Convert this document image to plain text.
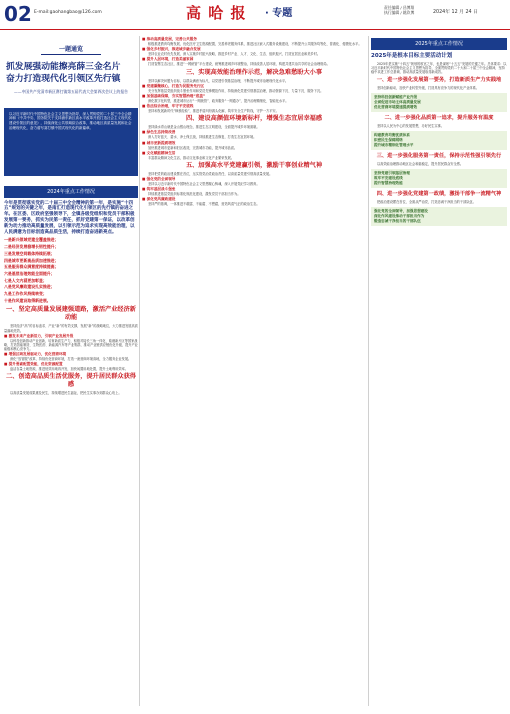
02 E-mail:gaohangbao@126.com	高 哈 报 · 专题
责任编辑 / 昌博翔
执行编辑 / 姚玖博	2024年 12 月 24 日
一题通览
抓发展强动能擦亮薛三金名片
奋力打造现代化引领区先行镇
——中国共产党清市新区赛打镇第五届代表大会第四次会议上的报告
以习近平新时代中国特色社会主义思想为指导，深入贯彻党的二十届三中全会精神和《中共中央、国务院关于支持浦东新区高水平改革开放打造社会主义现代化建设引领区的意见》，持续深化公共领域綜合改革，推动地区高质量发展和社会治理现代化，奋力谱写赛打镇中国式现代化的新篇章。
2024年重点工作情况
今年是贯彻落实党的二十届三中全会精神的第一年，是实施“十四五”规划的关键之年，是南汇打造现代化引领区的先行镇的奋进之年。在区委、区政府坚强领导下，全镇各级党组织和党员干部积极发展第一要务，抓实为民第一责任，抓好党建第一保证，以改革创新为动力推动高质量发展，以引领示范为追求实现高效能治理，以人民满意为目标创造高品质生活，持续打造奋进新亮点。
一是新兴领域党建全覆盖推进；
二是经济发展稳增长韧性提升；
三是发展空间载体持续拓展；
四是城市更新高品质加速推进；
五是服务群众满意度持续提高；
六是基层治理效能全面提升；
七是人文内涵更加彰显；
八是党风廉政建设扎实推进；
九是工作作风持续转变；
十是作风建设取得新进展。
一、坚定高质量发展建强道路，激活产业经济新动能
坚持经济“高”的目标追求、产业“新”的有效支撑，发展“新”的战略地位，大力推进发展高质量落地见效。
■ 激发未来产业新活力，引领产业发展升级
以科技创新推动产业创新，培育新质生产力，积极对接长三角一体化、临港新片区等国家战略，打造智能制造、生物医药、新能源汽车等产业集群，推动产业链供应链优化升级，提升产业能级和核心竞争力。
■ 增强区域发展驱动力，优化营商环境
深化“放管服”改革，持续优化营商环境，打造一流营商环境高地，全力服务企业发展。
■ 提升要素配置效能，优化资源配置
盘活存量土地资源，推进低效用地再开发，加快闲置用地处置，提升土地利用效率。
二、创造高品质生活优服务，提升居民群众获得感
以高质量发展成果惠及民生，持续增进民生福祉，把民生实事办到群众心坎上。
■ 推动高质量发展，完善公共服务
积极推进教育均衡发展，优化医疗卫生资源配置，完善养老服务体系，推进社区嵌入式服务设施建设，不断提升公共服务均等化、普惠化、便捷化水平。
■ 强化乡村振兴，推进城乡融合发展
坚持农业农村优先发展，深入实施乡村振兴战略，推进乡村产业、人才、文化、生态、组织振兴，打造宜居宜业和美乡村。
■ 提升人居环境，打造美丽家园
打造智慧生态社区，推进“一网统管”平台建设，统筹推进城乡环境整治，持续改善人居环境，构建共建共治共享的社会治理格局。
三、实现高效能治理作示范，解决急难愁盼大小事
坚持以解决问题为目标，以群众满意为标尺，以党建引领基层治理，不断提升城市治理现代化水平。
■ 党建凝聚核心，打造为民服务先行区
充分发挥基层党组织战斗堡垒作用和党员先锋模范作用，持续深化党建引领基层治理，推动资源下沉、力量下沉、服务下沉。
■ 加强基础保障，夯实智慧治理“底盘”
深化数字化转型，推进城市运行“一网统管”、政务服务“一网通办”，提升治理精细化、智能化水平。
■ 依法综合治理，牢守平安底线
坚持和发展新时代“枫桥经验”，推进矛盾纠纷源头化解，筑牢安全生产防线，守护一方平安。
四、建设高颜值环境新标杆，增强生态宜居幸福感
坚持绿水青山就是金山银山理念，推进生态文明建设，全面提升城乡环境面貌。
■ 绿色生态持续改善
深入打好蓝天、碧水、净土保卫战，持续推进生态修复，打造生态宜居环境。
■ 城市更新提质增效
加快推进城市更新和旧区改造，完善城市功能，提升城市品质。
■ 文化赋能精神生活
丰富群众精神文化生活，推动文化事业和文化产业繁荣发展。
五、加强高水平党建赢引领，激励干事创业精气神
坚持把党的政治建设摆在首位，压实管党治党政治责任，以高质量党建引领高质量发展。
■ 强化党的全面领导
坚持以习近平新时代中国特色社会主义思想凝心铸魂，深入开展党纪学习教育。
■ 筑牢基层战斗堡垒
持续推进基层党组织标准化规范化建设，激发党员干部担当作为。
■ 深化党风廉政建设
坚持严的基调，一体推进不敢腐、不能腐、不想腐，营造风清气正的政治生态。
2025年重点工作情况
2025年是根本目标主要活动计划
2025年是实施“十四五”规划的收官之年，也是谋划“十五五”发展的关键之年。总体要求：以习近平新时代中国特色社会主义思想为指导，全面贯彻党的二十大和二十届三中全会精神，坚持稳中求进工作总基调，推动高质量发展取得新成效。
一、进一步强化发展第一要务，打造新质生产力实践地
坚持创新驱动，加快产业转型升级，打造具有竞争力的现代化产业体系。
坚持科技创新赋能产业升级
全面促进市场主体高质量发展
优化营商环境提速提质增效
二、进一步强化品质第一追求，提升服务有温度
坚持以人民为中心的发展思想，办好民生实事。
构建教育均衡优质体系
织密民生保障网络
提升城市精细化管理水平
三、进一步强化服务第一责任，保持示范性强引领先行
以高效能治理推动地区社会和谐稳定，提升居民群众安全感。
坚持党建引领基层治理
筑牢平安建设底线
提升智慧治理效能
四、进一步强化党建第一政绩，激扬干部争一流精气神
把政治建设摆在首位，全面从严治党，打造忠诚干净担当的干部队伍。
强化党的全面领导，加强思想建设
深化作风建设推动干部担当作为
锻造忠诚干净担当的干部队伍
